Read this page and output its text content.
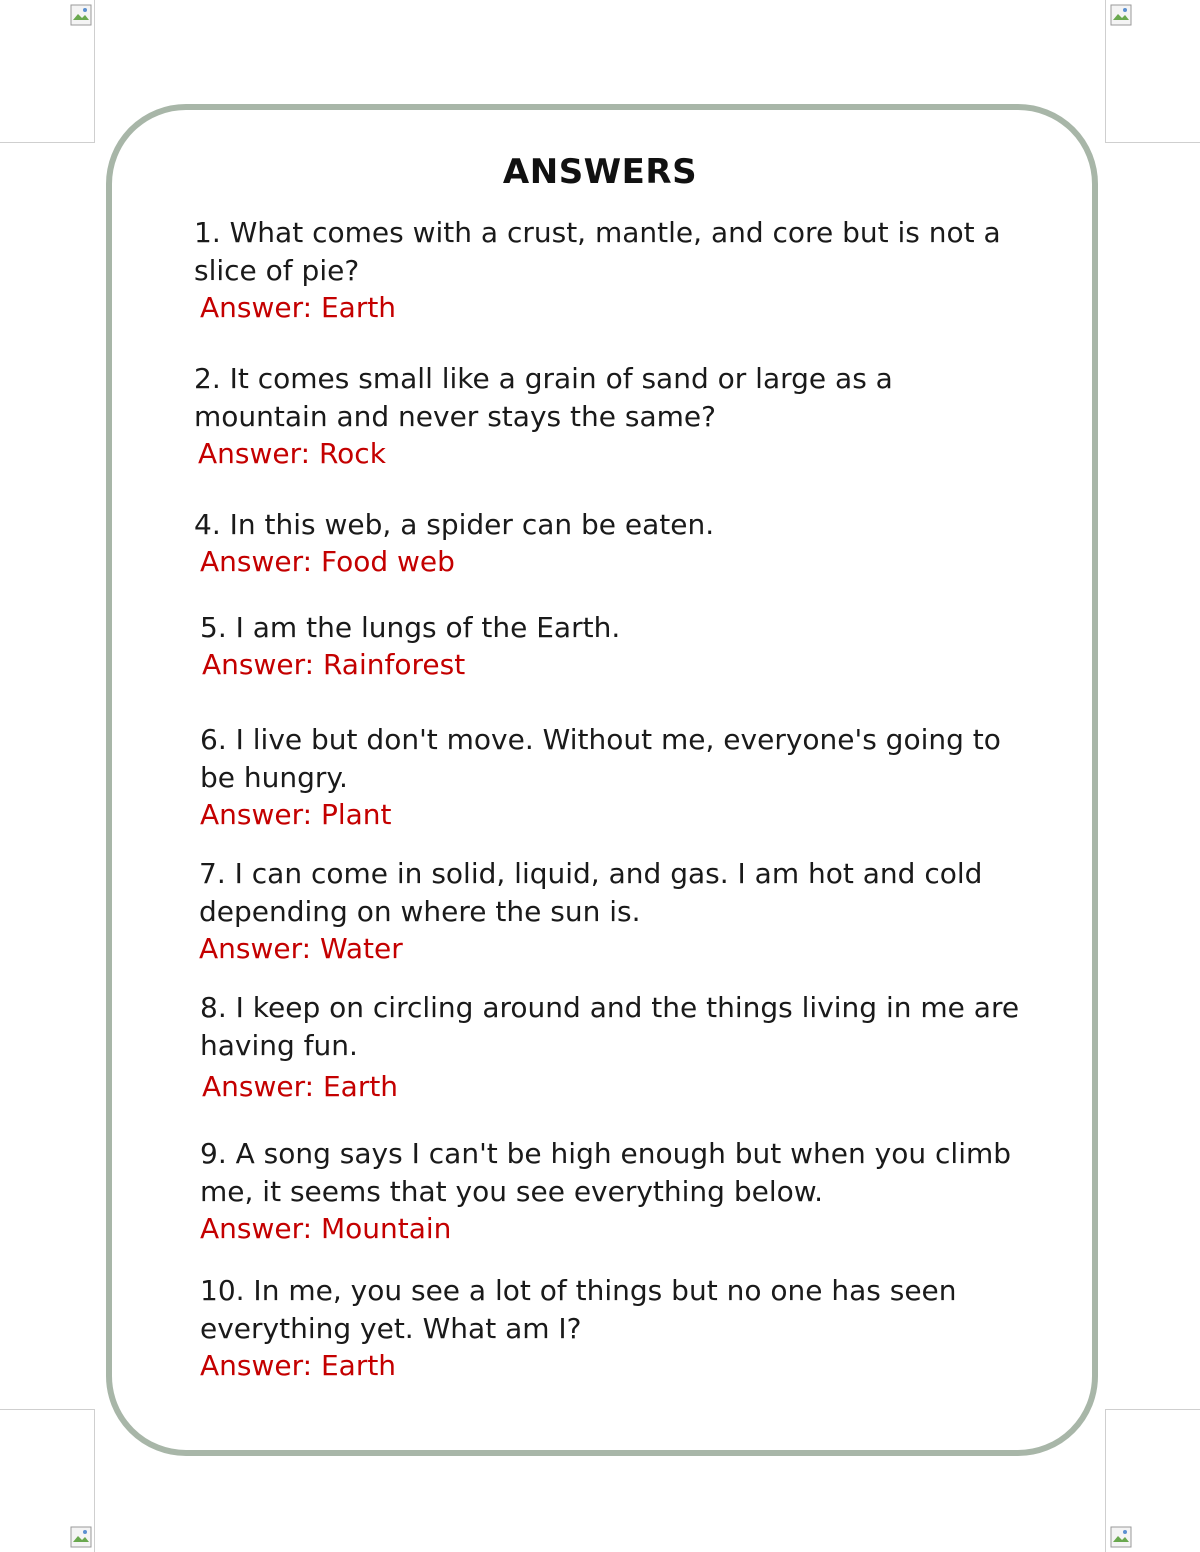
ANSWERS

1. What comes with a crust, mantle, and core but is not a slice of pie?

Answer: Earth

2. It comes small like a grain of sand or large as a mountain and never stays the same?

Answer: Rock

4. In this web, a spider can be eaten.

Answer: Food web

5. I am the lungs of the Earth.

Answer: Rainforest

6. I live but don't move. Without me, everyone's going to be hungry.

Answer: Plant

7. I can come in solid, liquid, and gas. I am hot and cold depending on where the sun is.

Answer: Water

8. I keep on circling around and the things living in me are having fun.

Answer: Earth

9. A song says I can't be high enough but when you climb me, it seems that you see everything below.

Answer: Mountain

10. In me, you see a lot of things but no one has seen everything yet. What am I?

Answer: Earth
